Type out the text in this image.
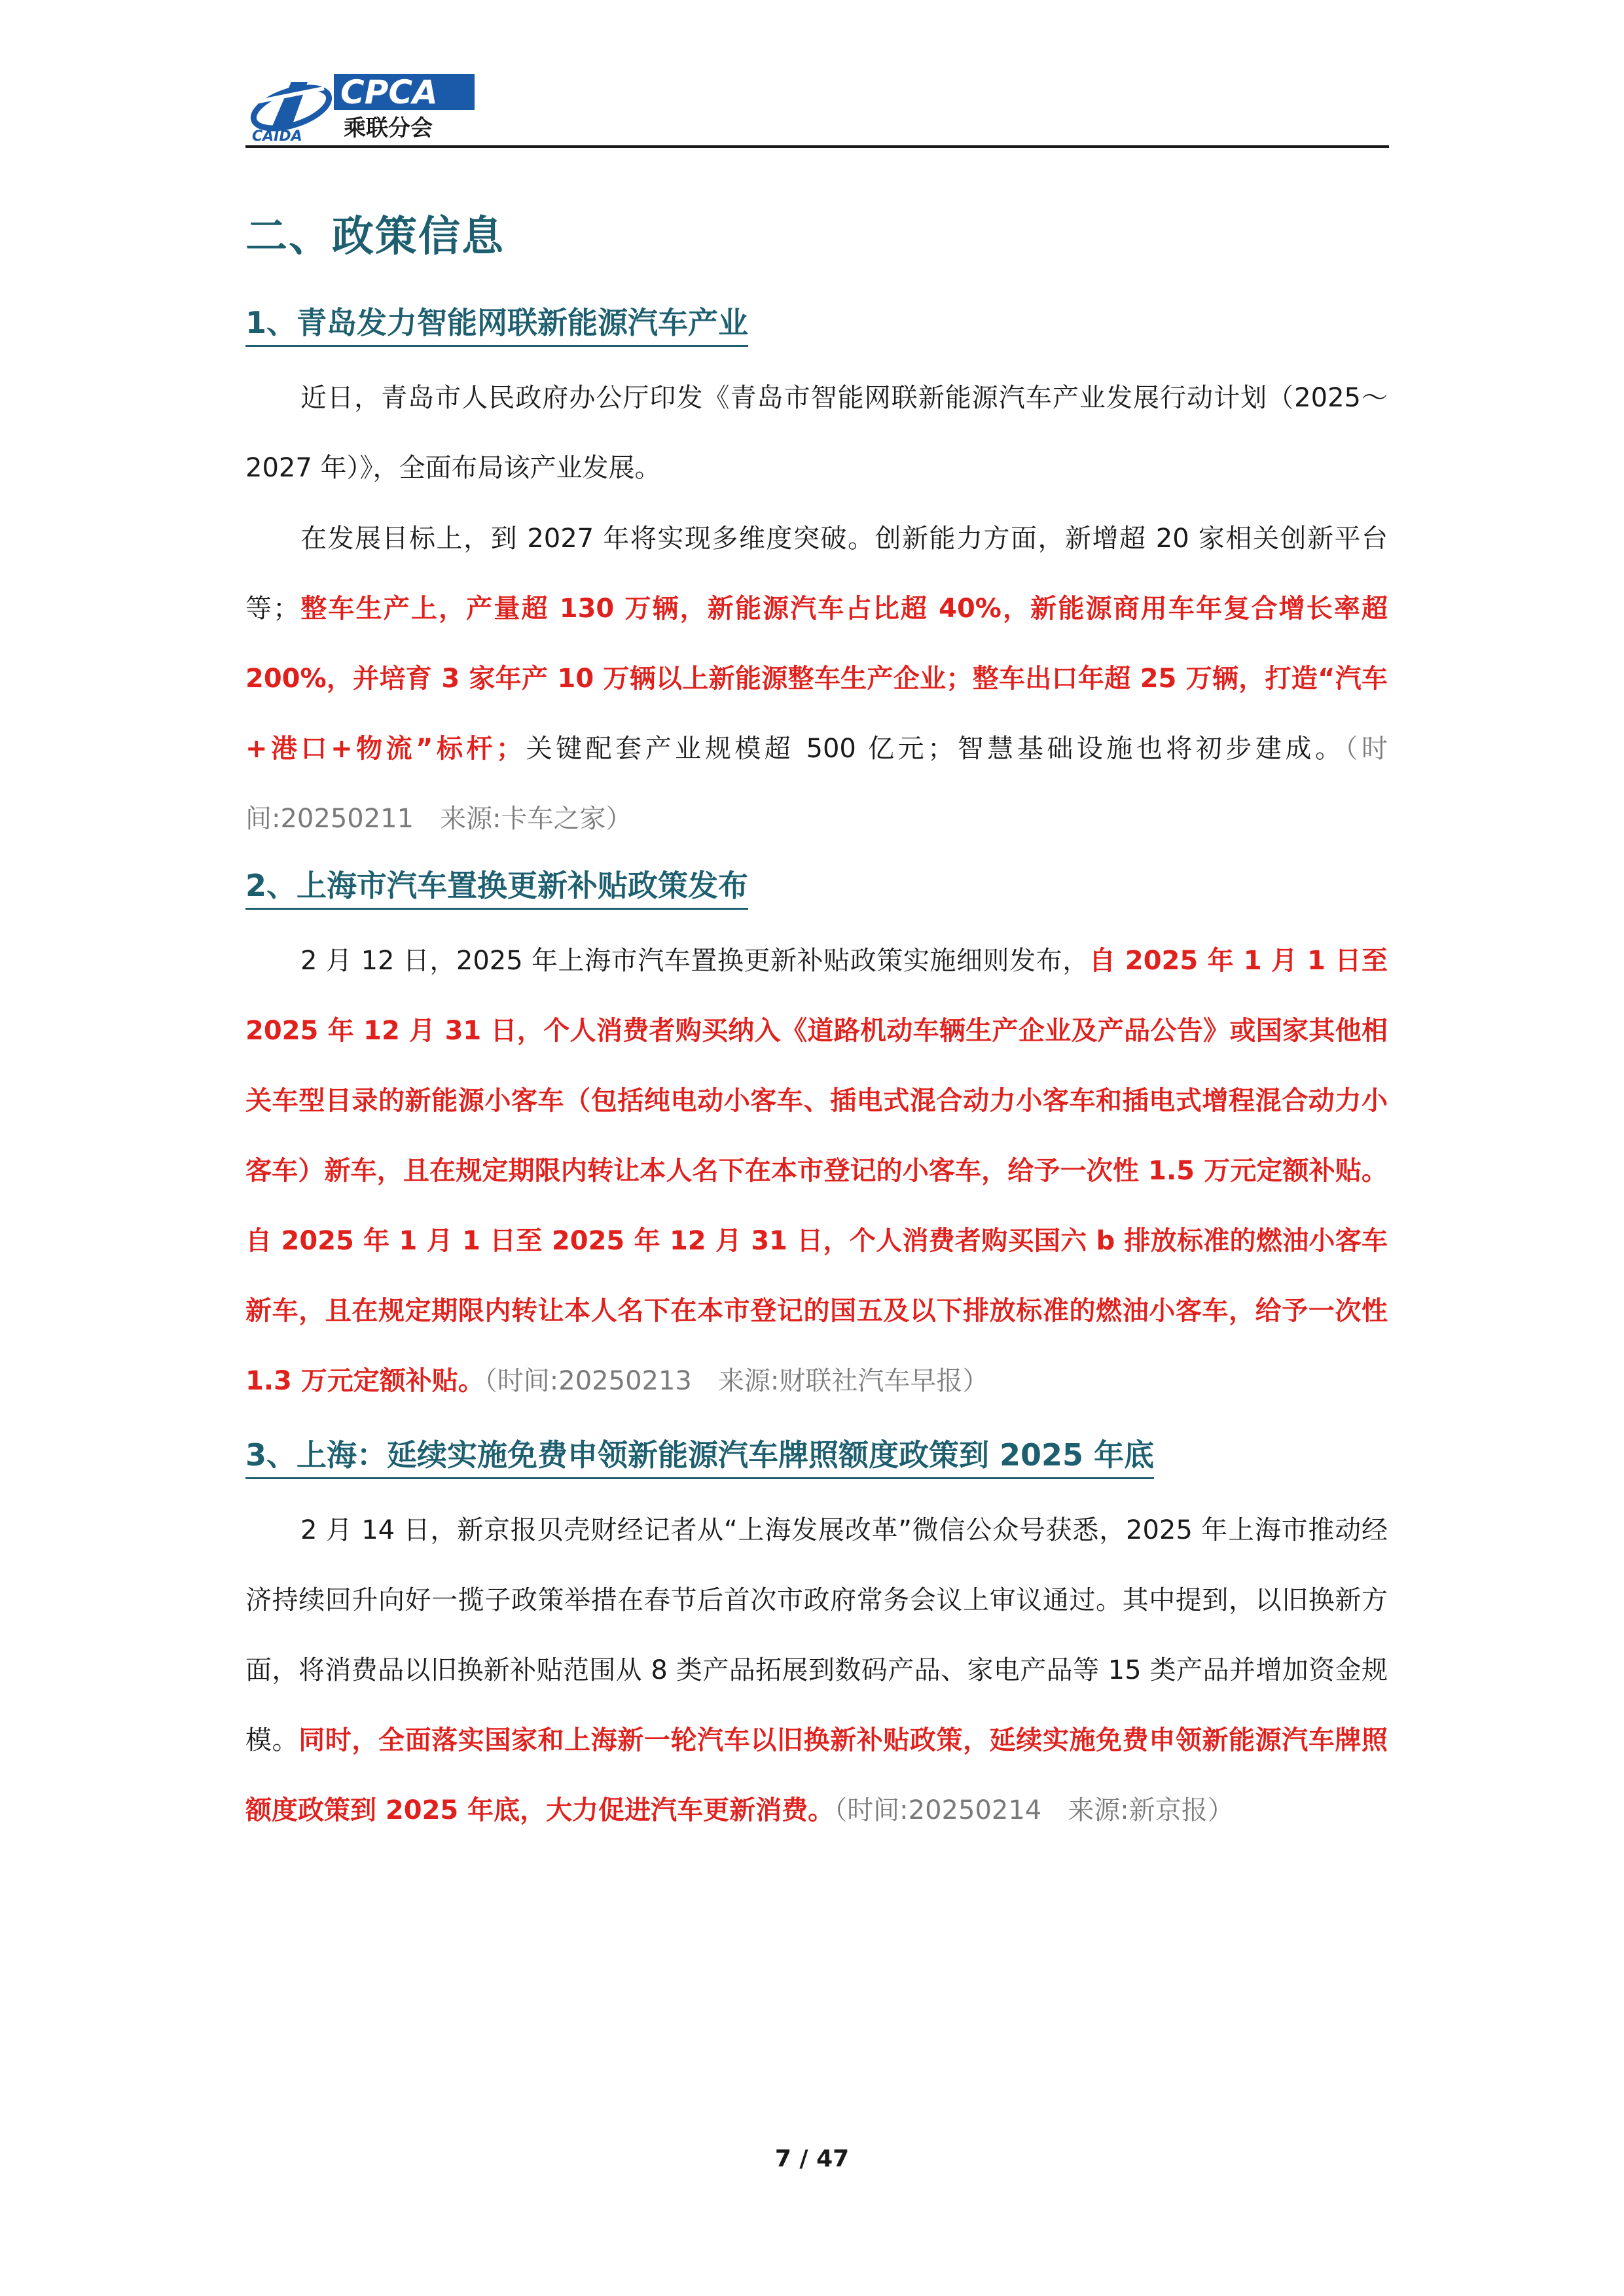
CAIDA
CPCA
乘联分会
二、政策信息
1、青岛发力智能网联新能源汽车产业

近日，青岛市人民政府办公厅印发《青岛市智能网联新能源汽车产业发展行动计划（2025～2027 年）》，全面布局该产业发展。

在发展目标上，到 2027 年将实现多维度突破。创新能力方面，新增超 20 家相关创新平台等；整车生产上，产量超 130 万辆，新能源汽车占比超 40%，新能源商用车年复合增长率超 200%，并培育 3 家年产 10 万辆以上新能源整车生产企业；整车出口年超 25 万辆，打造“汽车+港口+物流”标杆；关键配套产业规模超 500 亿元；智慧基础设施也将初步建成。（时间:20250211　来源:卡车之家）

2、上海市汽车置换更新补贴政策发布

2 月 12 日，2025 年上海市汽车置换更新补贴政策实施细则发布，自 2025 年 1 月 1 日至 2025 年 12 月 31 日，个人消费者购买纳入《道路机动车辆生产企业及产品公告》或国家其他相关车型目录的新能源小客车（包括纯电动小客车、插电式混合动力小客车和插电式增程混合动力小客车）新车，且在规定期限内转让本人名下在本市登记的小客车，给予一次性 1.5 万元定额补贴。自 2025 年 1 月 1 日至 2025 年 12 月 31 日，个人消费者购买国六 b 排放标准的燃油小客车新车，且在规定期限内转让本人名下在本市登记的国五及以下排放标准的燃油小客车，给予一次性 1.3 万元定额补贴。（时间:20250213　来源:财联社汽车早报）

3、上海：延续实施免费申领新能源汽车牌照额度政策到 2025 年底

2 月 14 日，新京报贝壳财经记者从“上海发展改革”微信公众号获悉，2025 年上海市推动经济持续回升向好一揽子政策举措在春节后首次市政府常务会议上审议通过。其中提到，以旧换新方面，将消费品以旧换新补贴范围从 8 类产品拓展到数码产品、家电产品等 15 类产品并增加资金规模。同时，全面落实国家和上海新一轮汽车以旧换新补贴政策，延续实施免费申领新能源汽车牌照额度政策到 2025 年底，大力促进汽车更新消费。（时间:20250214　来源:新京报）

7 / 47
